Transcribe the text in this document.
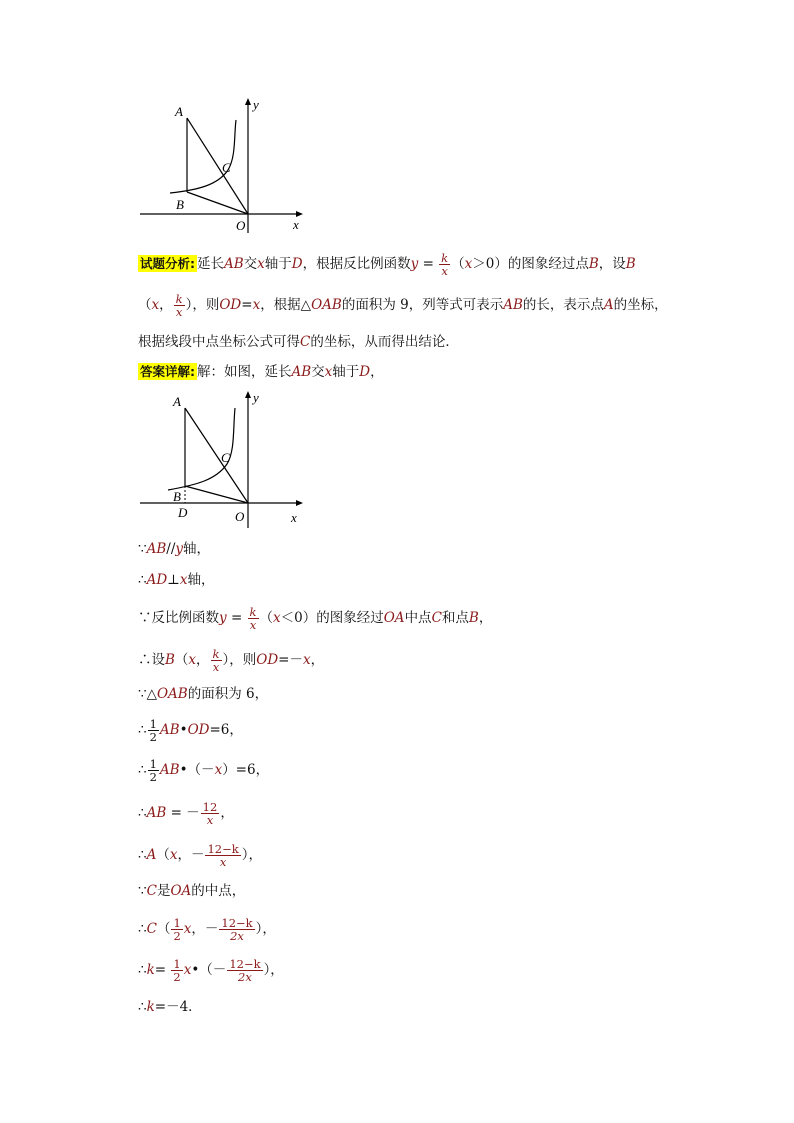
A
B
C
O	x
y
试题分析: 延长AB交x轴于D，根据反比例函数$y = \frac{k}{x} (x>0)$的图象经过点B，设B
（x， $\frac{k}{x}$ ），则OD=x，根据△OAB的面积为 9，列等式可表示AB的长，表示点A的坐标，
根据线段中点坐标公式可得C的坐标，从而得出结论．
答案详解: 解：如图，延长AB交x轴于D，
A
B
C
D	O	x
y
∵AB//y轴，
∴AD⊥x轴，
∵反比例函数$y = \frac{k}{x} (x<0)$的图象经过OA中点C和点B，
∴设B（x， $\frac{k}{x}$ ），则OD=－x，
∵△OAB的面积为 6，
∴ $\frac{1}{2}$ AB•OD=6，
∴ $\frac{1}{2}$ AB•（－x）=6，
∴AB = － $\frac{12}{x}$ ，
∴A（x，－ $\frac{12-k}{x}$ ），
∵C是OA的中点，
∴C（ $\frac{1}{2}$ x，－ $\frac{12-k}{2x}$ ），
∴k= $\frac{1}{2}$ x•（－ $\frac{12-k}{2x}$ ），
∴k=－4．
